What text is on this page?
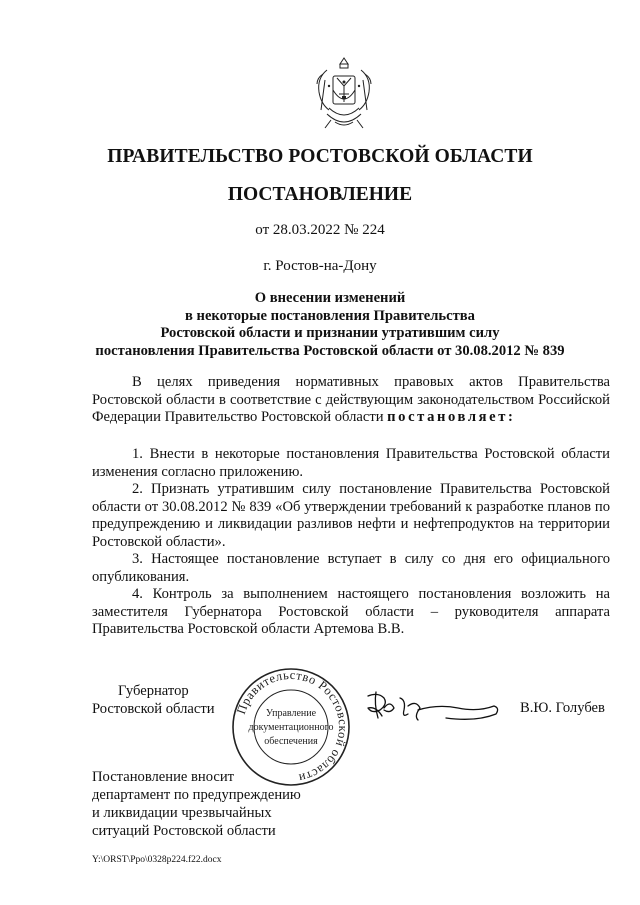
ПРАВИТЕЛЬСТВО РОСТОВСКОЙ ОБЛАСТИ
ПОСТАНОВЛЕНИЕ
от 28.03.2022 № 224
г. Ростов-на-Дону
О внесении изменений
в некоторые постановления Правительства
Ростовской области и признании утратившим силу
постановления Правительства Ростовской области от 30.08.2012 № 839
В целях приведения нормативных правовых актов Правительства Ростовской области в соответствие с действующим законодательством Российской Федерации Правительство Ростовской области постановляет:
1. Внести в некоторые постановления Правительства Ростовской области изменения согласно приложению.
2. Признать утратившим силу постановление Правительства Ростовской области от 30.08.2012 № 839 «Об утверждении требований к разработке планов по предупреждению и ликвидации разливов нефти и нефтепродуктов на территории Ростовской области».
3. Настоящее постановление вступает в силу со дня его официального опубликования.
4. Контроль за выполнением настоящего постановления возложить на заместителя Губернатора Ростовской области – руководителя аппарата Правительства Ростовской области Артемова В.В.
Губернатор
Ростовской области Правительство Ростовской области
Управление
документационного
обеспечения
В.Ю. Голубев
Постановление вносит
департамент по предупреждению
и ликвидации чрезвычайных
ситуаций Ростовской области
Y:\ORST\Ppo\0328p224.f22.docx
